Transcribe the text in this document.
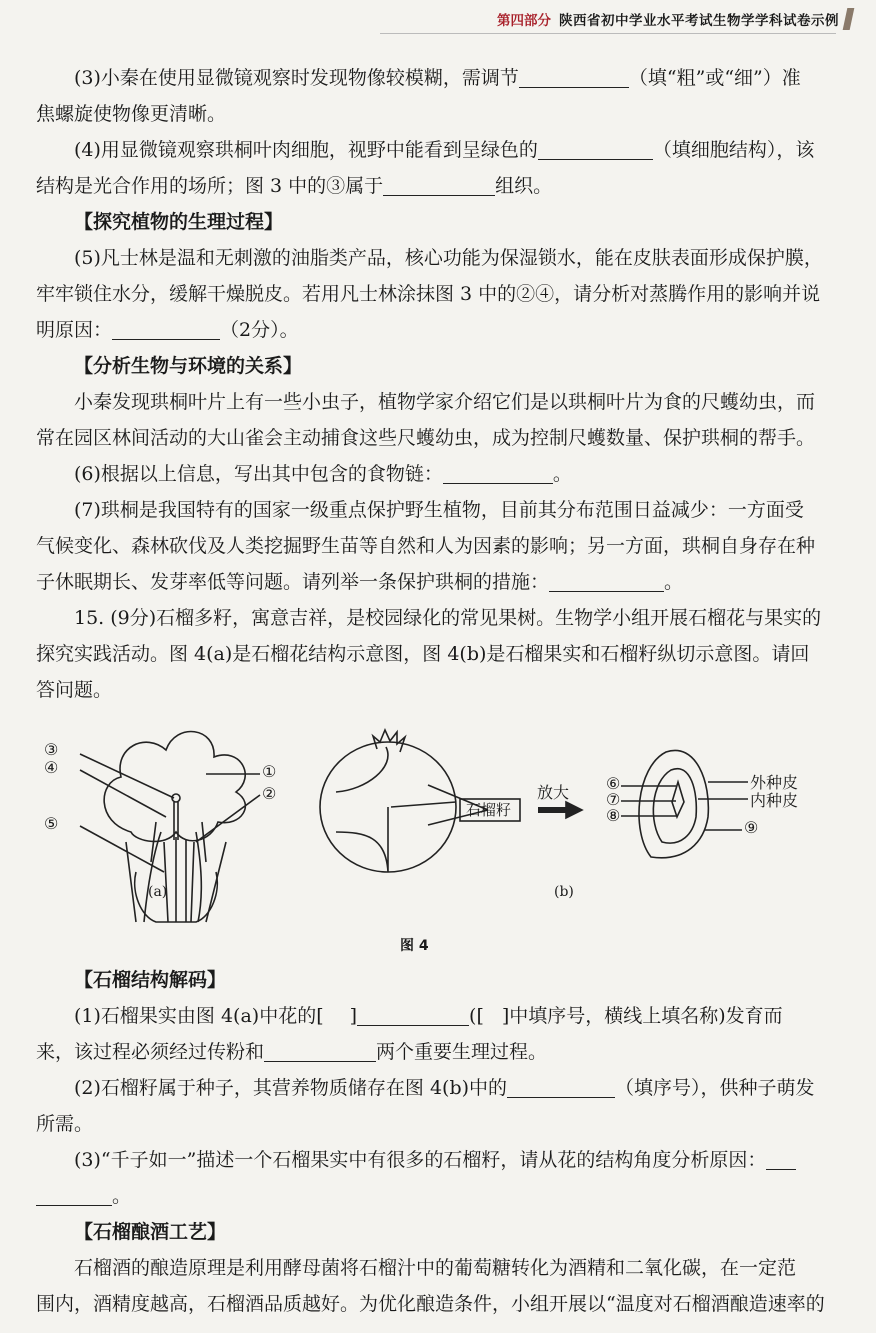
第四部分 陕西省初中学业水平考试生物学学科试卷示例
(3)小秦在使用显微镜观察时发现物像较模糊，需调节	（填“粗”或“细”）准
焦螺旋使物像更清晰。
(4)用显微镜观察珙桐叶肉细胞，视野中能看到呈绿色的	（填细胞结构），该
结构是光合作用的场所；图 3 中的③属于	组织。
【探究植物的生理过程】
(5)凡士林是温和无刺激的油脂类产品，核心功能为保湿锁水，能在皮肤表面形成保护膜，
牢牢锁住水分，缓解干燥脱皮。若用凡士林涂抹图 3 中的②④，请分析对蒸腾作用的影响并说
明原因：	（2分）。
【分析生物与环境的关系】
小秦发现珙桐叶片上有一些小虫子，植物学家介绍它们是以珙桐叶片为食的尺蠖幼虫，而
常在园区林间活动的大山雀会主动捕食这些尺蠖幼虫，成为控制尺蠖数量、保护珙桐的帮手。
(6)根据以上信息，写出其中包含的食物链：	。
(7)珙桐是我国特有的国家一级重点保护野生植物，目前其分布范围日益减少：一方面受
气候变化、森林砍伐及人类挖掘野生苗等自然和人为因素的影响；另一方面，珙桐自身存在种
子休眠期长、发芽率低等问题。请列举一条保护珙桐的措施：	。
15. (9分)石榴多籽，寓意吉祥，是校园绿化的常见果树。生物学小组开展石榴花与果实的
探究实践活动。图 4(a)是石榴花结构示意图，图 4(b)是石榴果实和石榴籽纵切示意图。请回
答问题。
③
④	①
②
⑤
石榴籽
放大 ⑥
⑦
⑧
⑨
外种皮
内种皮
(a)	(b)
图 4
【石榴结构解码】
(1)石榴果实由图 4(a)中花的[ ]	([ ]中填序号，横线上填名称)发育而
来，该过程必须经过传粉和	两个重要生理过程。
(2)石榴籽属于种子，其营养物质储存在图 4(b)中的	（填序号），供种子萌发
所需。
(3)“千子如一”描述一个石榴果实中有很多的石榴籽，请从花的结构角度分析原因：
。
【石榴酿酒工艺】
石榴酒的酿造原理是利用酵母菌将石榴汁中的葡萄糖转化为酒精和二氧化碳，在一定范
围内，酒精度越高，石榴酒品质越好。为优化酿造条件，小组开展以“温度对石榴酒酿造速率的
